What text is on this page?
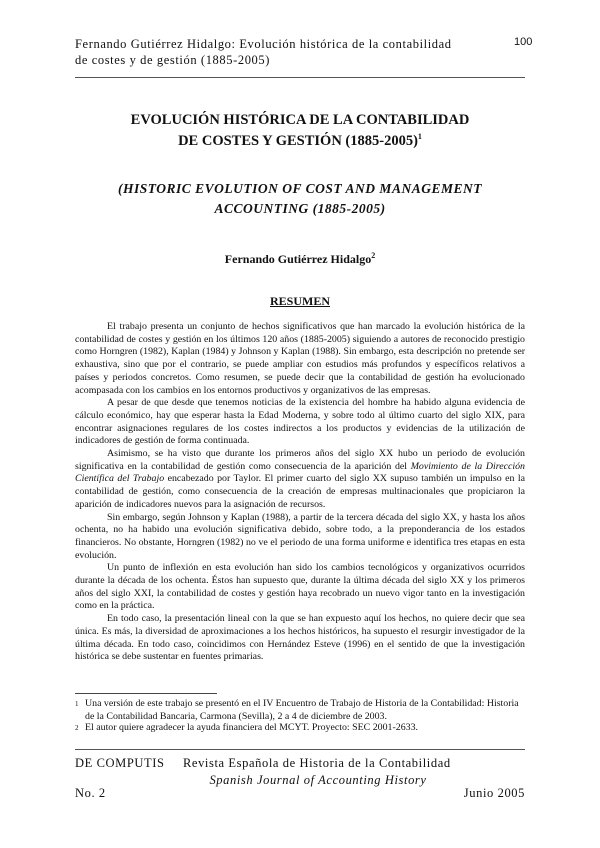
Fernando Gutiérrez Hidalgo: Evolución histórica de la contabilidad
de costes y de gestión (1885-2005)
100
EVOLUCIÓN HISTÓRICA DE LA CONTABILIDAD
DE COSTES Y GESTIÓN (1885-2005)$^1$
(HISTORIC EVOLUTION OF COST AND MANAGEMENT
ACCOUNTING (1885-2005)
Fernando Gutiérrez Hidalgo$^2$
RESUMEN

El trabajo presenta un conjunto de hechos significativos que han marcado la evolución histórica de la contabilidad de costes y gestión en los últimos 120 años (1885-2005) siguiendo a autores de reconocido prestigio como Horngren (1982), Kaplan (1984) y Johnson y Kaplan (1988). Sin embargo, esta descripción no pretende ser exhaustiva, sino que por el contrario, se puede ampliar con estudios más profundos y específicos relativos a países y periodos concretos. Como resumen, se puede decir que la contabilidad de gestión ha evolucionado acompasada con los cambios en los entornos productivos y organizativos de las empresas.

A pesar de que desde que tenemos noticias de la existencia del hombre ha habido alguna evidencia de cálculo económico, hay que esperar hasta la Edad Moderna, y sobre todo al último cuarto del siglo XIX, para encontrar asignaciones regulares de los costes indirectos a los productos y evidencias de la utilización de indicadores de gestión de forma continuada.

Asimismo, se ha visto que durante los primeros años del siglo XX hubo un periodo de evolución significativa en la contabilidad de gestión como consecuencia de la aparición del Movimiento de la Dirección Científica del Trabajo encabezado por Taylor. El primer cuarto del siglo XX supuso también un impulso en la contabilidad de gestión, como consecuencia de la creación de empresas multinacionales que propiciaron la aparición de indicadores nuevos para la asignación de recursos.

Sin embargo, según Johnson y Kaplan (1988), a partir de la tercera década del siglo XX, y hasta los años ochenta, no ha habido una evolución significativa debido, sobre todo, a la preponderancia de los estados financieros. No obstante, Horngren (1982) no ve el periodo de una forma uniforme e identifica tres etapas en esta evolución.

Un punto de inflexión en esta evolución han sido los cambios tecnológicos y organizativos ocurridos durante la década de los ochenta. Éstos han supuesto que, durante la última década del siglo XX y los primeros años del siglo XXI, la contabilidad de costes y gestión haya recobrado un nuevo vigor tanto en la investigación como en la práctica.

En todo caso, la presentación lineal con la que se han expuesto aquí los hechos, no quiere decir que sea única. Es más, la diversidad de aproximaciones a los hechos históricos, ha supuesto el resurgir investigador de la última década. En todo caso, coincidimos con Hernández Esteve (1996) en el sentido de que la investigación histórica se debe sustentar en fuentes primarias.

1 Una versión de este trabajo se presentó en el IV Encuentro de Trabajo de Historia de la Contabilidad: Historia
de la Contabilidad Bancaria, Carmona (Sevilla), 2 a 4 de diciembre de 2003.
2 El autor quiere agradecer la ayuda financiera del MCYT. Proyecto: SEC 2001-2633.
DE COMPUTIS Revista Española de Historia de la Contabilidad
Spanish Journal of Accounting History
No. 2	Junio 2005
